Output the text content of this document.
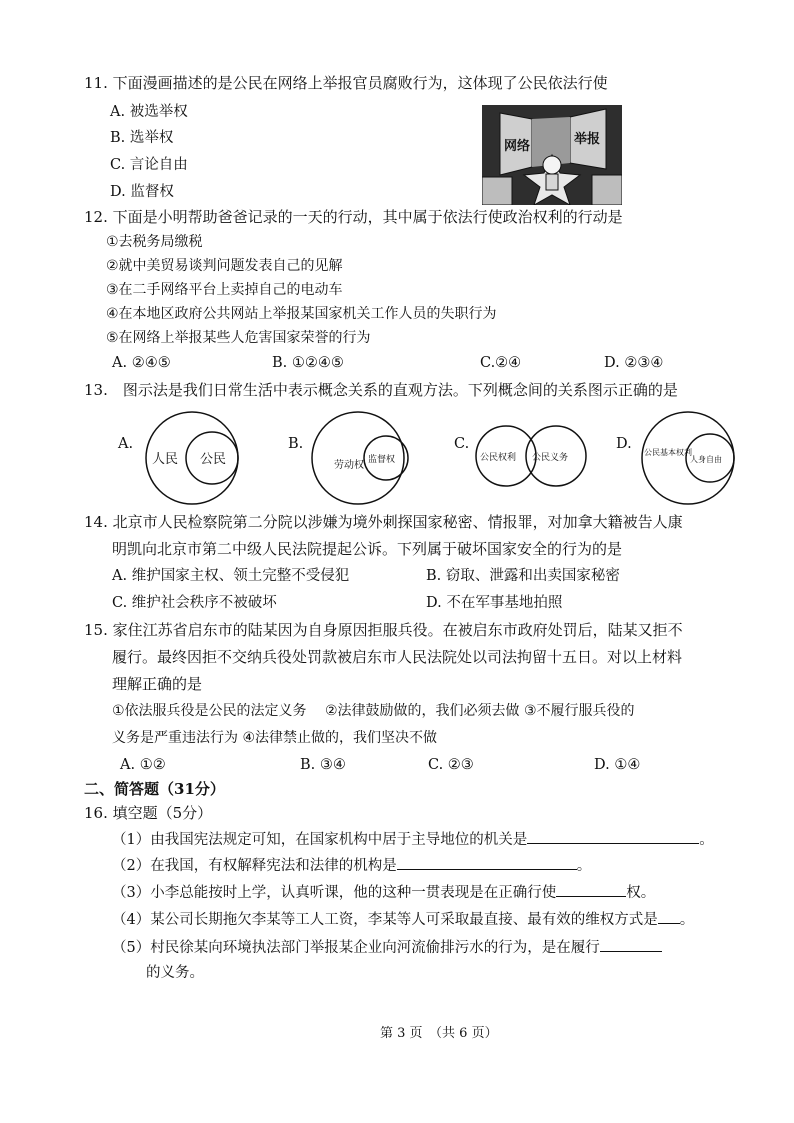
11. 下面漫画描述的是公民在网络上举报官员腐败行为，这体现了公民依法行使
A. 被选举权
B. 选举权
C. 言论自由
D. 监督权
网络	举报
12. 下面是小明帮助爸爸记录的一天的行动，其中属于依法行使政治权利的行动是
①去税务局缴税
②就中美贸易谈判问题发表自己的见解
③在二手网络平台上卖掉自己的电动车
④在本地区政府公共网站上举报某国家机关工作人员的失职行为
⑤在网络上举报某些人危害国家荣誉的行为
A. ②④⑤	B. ①②④⑤	C.②④	D. ②③④
13.　图示法是我们日常生活中表示概念关系的直观方法。下列概念间的关系图示正确的是
A.
人民 公民
B.
劳动权 监督权
C.
公民权利 公民义务
D.
公民基本权利
人身自由
14. 北京市人民检察院第二分院以涉嫌为境外刺探国家秘密、情报罪，对加拿大籍被告人康
明凯向北京市第二中级人民法院提起公诉。下列属于破坏国家安全的行为的是
A. 维护国家主权、领土完整不受侵犯	B. 窃取、泄露和出卖国家秘密
C. 维护社会秩序不被破坏	D. 不在军事基地拍照
15. 家住江苏省启东市的陆某因为自身原因拒服兵役。在被启东市政府处罚后，陆某又拒不
履行。最终因拒不交纳兵役处罚款被启东市人民法院处以司法拘留十五日。对以上材料
理解正确的是
①依法服兵役是公民的法定义务　 ②法律鼓励做的，我们必须去做 ③不履行服兵役的
义务是严重违法行为 ④法律禁止做的，我们坚决不做
A. ①②	B. ③④	C. ②③	D. ①④
二、简答题（31分）
16. 填空题（5分）
（1）由我国宪法规定可知，在国家机构中居于主导地位的机关是	。
（2）在我国，有权解释宪法和法律的机构是	。
（3）小李总能按时上学，认真听课，他的这种一贯表现是在正确行使	权。
（4）某公司长期拖欠李某等工人工资，李某等人可采取最直接、最有效的维权方式是 。
（5）村民徐某向环境执法部门举报某企业向河流偷排污水的行为，是在履行
的义务。
第 3 页　（共 6 页）
